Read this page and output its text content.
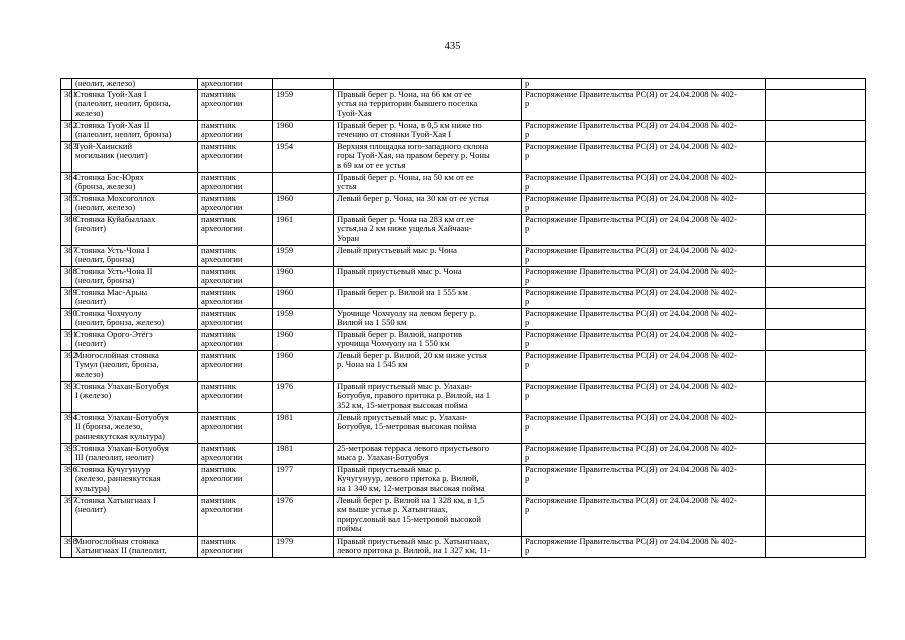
435
	(неолит, железо)	археологии			р	
381	Стоянка Туой-Хая I
(палеолит, неолит, бронза,
железо)	памятник
археологии	1959	Правый берег р. Чона, на 66 км от ее
устья на территории бывшего поселка
Туой-Хая	Распоряжение Правительства РС(Я) от 24.04.2008 № 402-
р	
382	Стоянка Туой-Хая II
(палеолит, неолит, бронза)	памятник
археологии	1960	Правый берег р. Чона, в 0,5 км ниже по
течению от стоянки Туой-Хая I	Распоряжение Правительства РС(Я) от 24.04.2008 № 402-
р	
383	Туой-Хаинский
могильник (неолит)	памятник
археологии	1954	Верхняя площадка юго-западного склона
горы Туой-Хая, на правом берегу р. Чоны
в 69 км от ее устья	Распоряжение Правительства РС(Я) от 24.04.2008 № 402-
р	
384	Стоянка Бэс-Юрях
(бронза, железо)	памятник
археологии		Правый берег р. Чоны, на 50 км от ее
устья	Распоряжение Правительства РС(Я) от 24.04.2008 № 402-
р	
385	Стоянка Мохсоголлох
(неолит, железо)	памятник
археологии	1960	Левый берег р. Чона, на 30 км от ее устья	Распоряжение Правительства РС(Я) от 24.04.2008 № 402-
р	
386	Стоянка Куйабыллаах
(неолит)	памятник
археологии	1961	Правый берег р. Чона на 283 км от ее
устья,на 2 км ниже ущелья Хайчаан-
Уоран	Распоряжение Правительства РС(Я) от 24.04.2008 № 402-
р	
387	Стоянка Усть-Чона I
(неолит, бронза)	памятник
археологии	1959	Левый приустьевый мыс р. Чона	Распоряжение Правительства РС(Я) от 24.04.2008 № 402-
р	
388	Стоянка Усть-Чона II
(неолит, бронза)	памятник
археологии	1960	Правый приустьевый мыс р. Чона	Распоряжение Правительства РС(Я) от 24.04.2008 № 402-
р	
389	Стоянка Мас-Арыы
(неолит)	памятник
археологии	1960	Правый берег р. Вилюй на 1 555 км	Распоряжение Правительства РС(Я) от 24.04.2008 № 402-
р	
390	Стоянка Чохчуолу
(неолит, бронза, железо)	памятник
археологии	1959	Урочище Чохчуолу на левом берегу р.
Вилюй на 1 550 км	Распоряжение Правительства РС(Я) от 24.04.2008 № 402-
р	
391	Стоянка Орого-Этёгэ
(неолит)	памятник
археологии	1960	Правый берег р. Вилюй, напротив
урочища Чохчуолу на 1 550 км	Распоряжение Правительства РС(Я) от 24.04.2008 № 402-
р	
392	Многослойная стоянка
Тумул (неолит, бронза,
железо)	памятник
археологии	1960	Левый берег р. Вилюй, 20 км ниже устья
р. Чона на 1 545 км	Распоряжение Правительства РС(Я) от 24.04.2008 № 402-
р	
393	Стоянка Улахан-Ботуобуя
I (железо)	памятник
археологии	1976	Правый приустьевый мыс р. Улахан-
Ботуобуя, правого притока р. Вилюй, на 1
352 км, 15-метровая высокая пойма	Распоряжение Правительства РС(Я) от 24.04.2008 № 402-
р	
394	Стоянка Улахан-Ботуобуя
II (бронза, железо,
раннеякутская культура)	памятник
археологии	1981	Левый приустьевый мыс р. Улахан-
Ботуобуя, 15-метровая высокая пойма	Распоряжение Правительства РС(Я) от 24.04.2008 № 402-
р	
395	Стоянка Улахан-Ботуобуя
III (палеолит, неолит)	памятник
археологии	1981	25-метровая терраса левого приустьевого
мыса р. Улахан-Ботуобуя	Распоряжение Правительства РС(Я) от 24.04.2008 № 402-
р	
396	Стоянка Кучугунуур
(железо, раннеякутская
культура)	памятник
археологии	1977	Правый приустьевый мыс р.
Кучугунуур, левого притока р. Вилюй,
на 1 340 км, 12-метровая высокая пойма	Распоряжение Правительства РС(Я) от 24.04.2008 № 402-
р	
397	Стоянка Хатынгнаах I
(неолит)	памятник
археологии	1976	Левый берег р. Вилюй на 1 328 км, в 1,5
км выше устья р. Хатынгнаах,
прирусловый вал 15-метровой высокой
поймы	Распоряжение Правительства РС(Я) от 24.04.2008 № 402-
р	
398	Многослойная стоянка
Хатынгнаах II (палеолит,	памятник
археологии	1979	Правый приустьевый мыс р. Хатынгнаах,
левого притока р. Вилюй, на 1 327 км, 11-	Распоряжение Правительства РС(Я) от 24.04.2008 № 402-
р	
